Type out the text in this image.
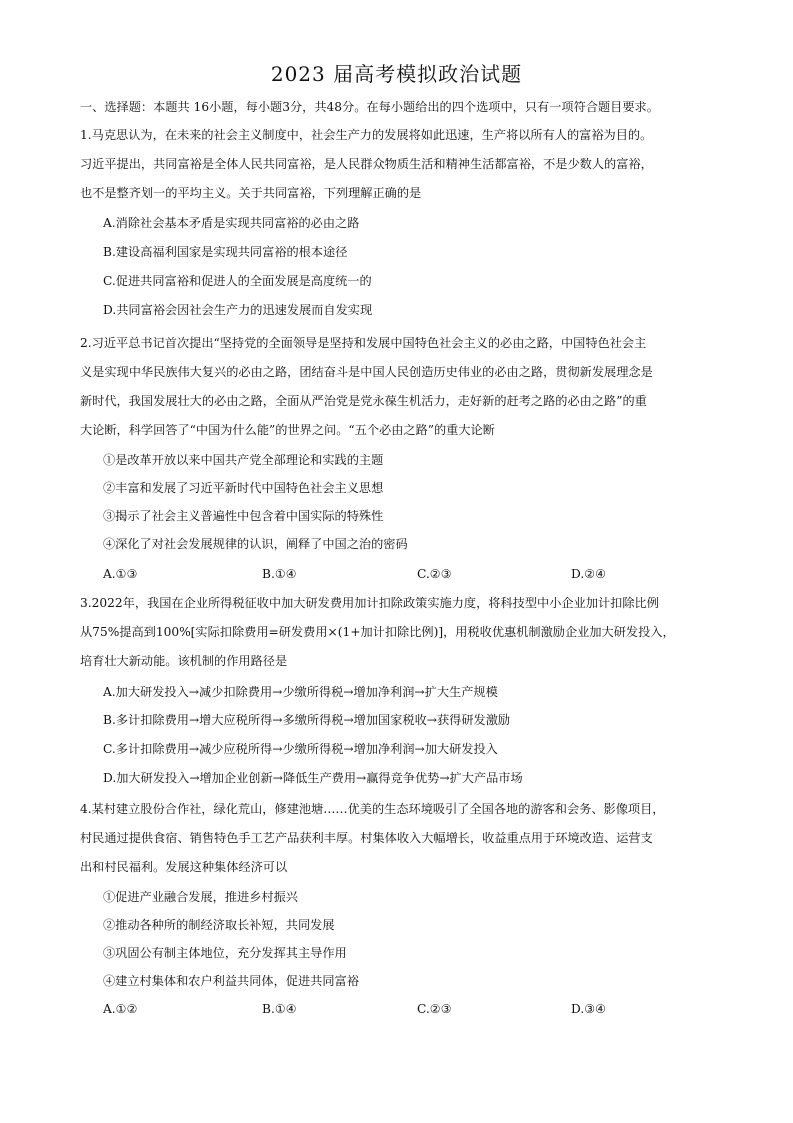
2023 届高考模拟政治试题
一、选择题：本题共 16小题，每小题3分，共48分。在每小题给出的四个选项中，只有一项符合题目要求。
1.马克思认为，在未来的社会主义制度中，社会生产力的发展将如此迅速，生产将以所有人的富裕为目的。
习近平提出，共同富裕是全体人民共同富裕，是人民群众物质生活和精神生活都富裕，不是少数人的富裕，
也不是整齐划一的平均主义。关于共同富裕，下列理解正确的是
A.消除社会基本矛盾是实现共同富裕的必由之路
B.建设高福利国家是实现共同富裕的根本途径
C.促进共同富裕和促进人的全面发展是高度统一的
D.共同富裕会因社会生产力的迅速发展而自发实现
2.习近平总书记首次提出“坚持党的全面领导是坚持和发展中国特色社会主义的必由之路，中国特色社会主
义是实现中华民族伟大复兴的必由之路，团结奋斗是中国人民创造历史伟业的必由之路，贯彻新发展理念是
新时代，我国发展壮大的必由之路，全面从严治党是党永葆生机活力，走好新的赶考之路的必由之路”的重
大论断，科学回答了“中国为什么能”的世界之问。“五个必由之路”的重大论断
①是改革开放以来中国共产党全部理论和实践的主题
②丰富和发展了习近平新时代中国特色社会主义思想
③揭示了社会主义普遍性中包含着中国实际的特殊性
④深化了对社会发展规律的认识，阐释了中国之治的密码
A.①③	B.①④	C.②③	D.②④
3.2022年，我国在企业所得税征收中加大研发费用加计扣除政策实施力度，将科技型中小企业加计扣除比例
从75%提高到100%[实际扣除费用=研发费用×(1+加计扣除比例)]，用税收优惠机制激励企业加大研发投入，
培育壮大新动能。该机制的作用路径是
A.加大研发投入→减少扣除费用→少缴所得税→增加净利润→扩大生产规模
B.多计扣除费用→增大应税所得→多缴所得税→增加国家税收→获得研发激励
C.多计扣除费用→减少应税所得→少缴所得税→增加净利润→加大研发投入
D.加大研发投入→增加企业创新→降低生产费用→赢得竞争优势→扩大产品市场
4.某村建立股份合作社，绿化荒山，修建池塘……优美的生态环境吸引了全国各地的游客和会务、影像项目，
村民通过提供食宿、销售特色手工艺产品获利丰厚。村集体收入大幅增长，收益重点用于环境改造、运营支
出和村民福利。发展这种集体经济可以
①促进产业融合发展，推进乡村振兴
②推动各种所的制经济取长补短，共同发展
③巩固公有制主体地位，充分发挥其主导作用
④建立村集体和农户利益共同体，促进共同富裕
A.①②	B.①④	C.②③	D.③④
